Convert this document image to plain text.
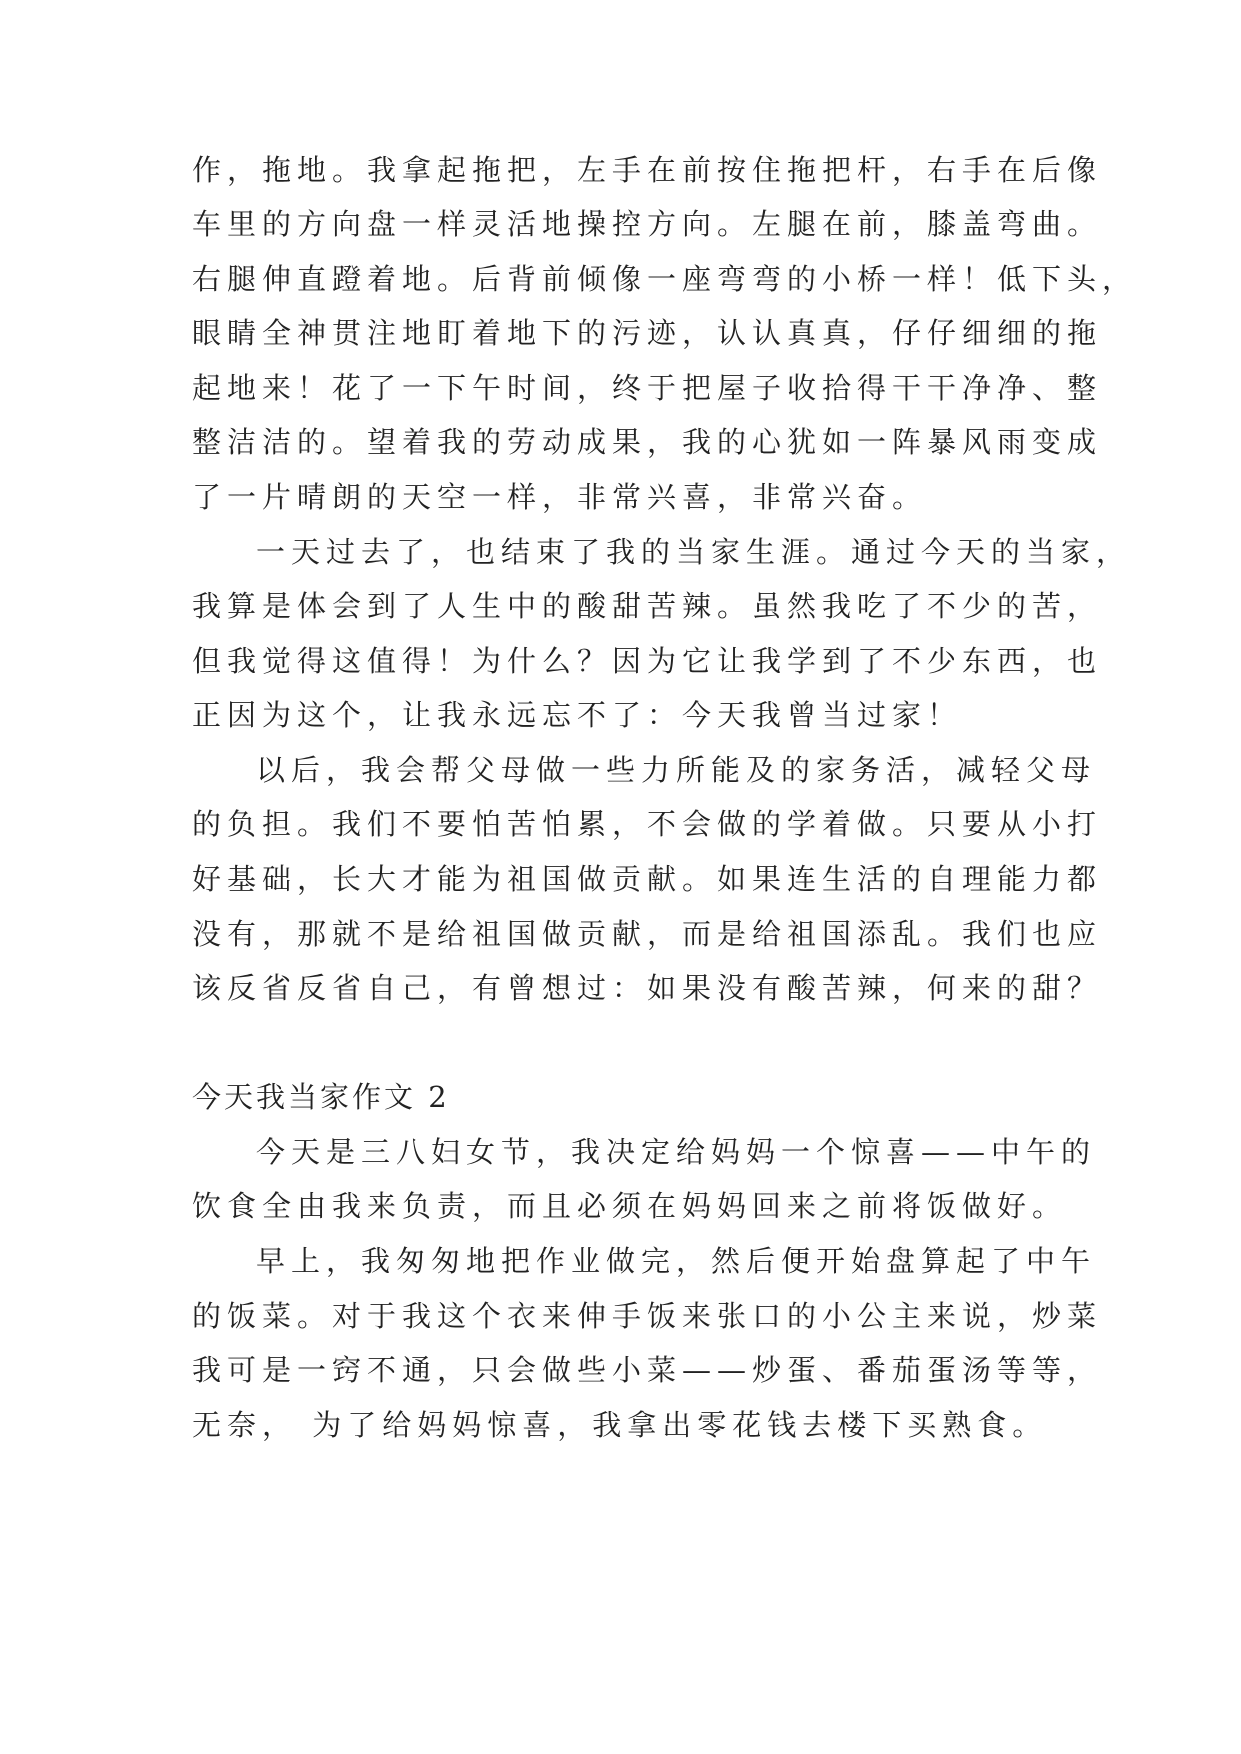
作，拖地。我拿起拖把，左手在前按住拖把杆，右手在后像
车里的方向盘一样灵活地操控方向。左腿在前，膝盖弯曲。
右腿伸直蹬着地。后背前倾像一座弯弯的小桥一样！低下头，
眼睛全神贯注地盯着地下的污迹，认认真真，仔仔细细的拖
起地来！花了一下午时间，终于把屋子收拾得干干净净、整
整洁洁的。望着我的劳动成果，我的心犹如一阵暴风雨变成
了一片晴朗的天空一样，非常兴喜，非常兴奋。
一天过去了，也结束了我的当家生涯。通过今天的当家，
我算是体会到了人生中的酸甜苦辣。虽然我吃了不少的苦，
但我觉得这值得！为什么？因为它让我学到了不少东西，也
正因为这个，让我永远忘不了：今天我曾当过家！
以后，我会帮父母做一些力所能及的家务活，减轻父母
的负担。我们不要怕苦怕累，不会做的学着做。只要从小打
好基础，长大才能为祖国做贡献。如果连生活的自理能力都
没有，那就不是给祖国做贡献，而是给祖国添乱。我们也应
该反省反省自己，有曾想过：如果没有酸苦辣，何来的甜？
今天我当家作文 2
今天是三八妇女节，我决定给妈妈一个惊喜——中午的
饮食全由我来负责，而且必须在妈妈回来之前将饭做好。
早上，我匆匆地把作业做完，然后便开始盘算起了中午
的饭菜。对于我这个衣来伸手饭来张口的小公主来说，炒菜
我可是一窍不通，只会做些小菜——炒蛋、番茄蛋汤等等，
无奈， 为了给妈妈惊喜，我拿出零花钱去楼下买熟食。
